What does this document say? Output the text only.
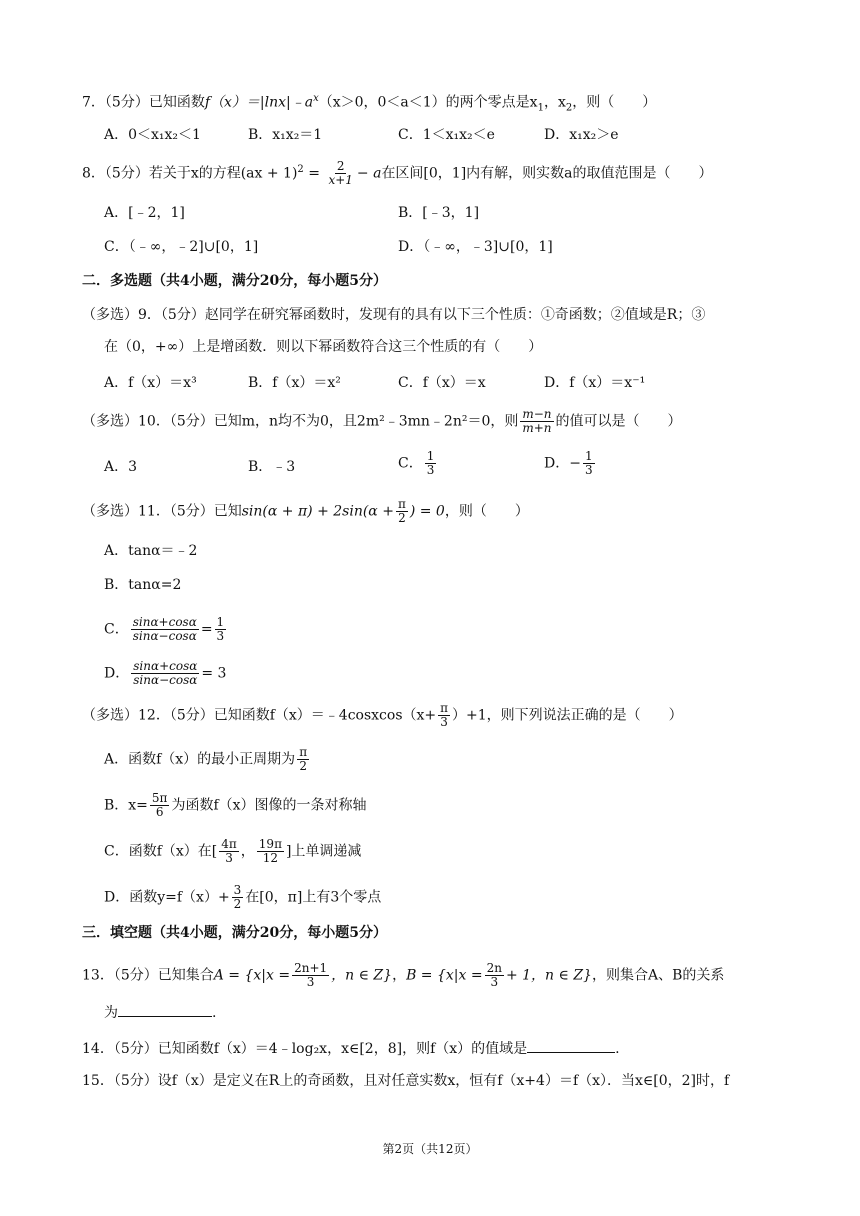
7．（5分）已知函数$f(x)=|\ln x|﹣a^x(x>0$，0＜a＜1）的两个零点是$x_1$，$x_2$，则（　　）
A．0＜x₁x₂＜1	B．x₁x₂＝1	C．1＜x₁x₂＜e	D．x₁x₂＞e
8．（5分）若关于x的方程$(ax + 1)^2 = \frac{2}{x+1} - a$在区间[0，1]内有解，则实数a的取值范围是（　　）
A．[﹣2，1]	B．[﹣3，1]
C．（﹣∞，﹣2]∪[0，1]	D．（﹣∞，﹣3]∪[0，1]
二．多选题（共4小题，满分20分，每小题5分）
（多选）9．（5分）赵同学在研究幂函数时，发现有的具有以下三个性质：①奇函数；②值域是R；③
在（0，+∞）上是增函数．则以下幂函数符合这三个性质的有（　　）
A．f（x）＝x³	B．f（x）＝x²	C．f（x）＝x	D．f（x）＝x⁻¹
（多选）10．（5分）已知m，n均不为0，且2m²﹣3mn﹣2n²＝0，则 $\frac{m-n}{m+n}$ 的值可以是（　　）
A．3	B．﹣3	C． $\frac{1}{3}$	D．− $\frac{1}{3}$
（多选）11．（5分）已知$\sin(\alpha + \pi) + 2\sin(\alpha + \frac{\pi}{2}$ ) = 0，则（　　）
A．tanα＝﹣2
B．tanα=2
C． $\frac{\sin\alpha+\cos\alpha}{\sin\alpha-\cos\alpha} = \frac{1}{3}$
D． $\frac{\sin\alpha+\cos\alpha}{\sin\alpha-\cos\alpha} = 3$
（多选）12．（5分）已知函数f（x）＝﹣4cosxcos（x+ $\frac{\pi}{3} )+1$，则下列说法正确的是（　　）
A．函数f（x）的最小正周期为 $\frac{\pi}{2}$
B．$x= \frac{5\pi}{6}$ 为函数f（x）图像的一条对称轴
C．函数f（x）在[ $\frac{4\pi}{3}$ ， $\frac{19\pi}{12}$ ]上单调递减
D．函数$y=f(x)+ \frac{3}{2}$ 在[0，π]上有3个零点
三．填空题（共4小题，满分20分，每小题5分）
13．（5分）已知集合$A = \{x|x = \frac{2n+1}{3}$ ，n ∈ Z}，$B = \{x|x = \frac{2n}{3} + 1$，n ∈ Z}，则集合A、B的关系
为	.
14．（5分）已知函数f（x）＝4﹣log₂x，x∈[2，8]，则f（x）的值域是	.
15．（5分）设f（x）是定义在R上的奇函数，且对任意实数x，恒有f（x+4）＝f（x）．当x∈[0，2]时，f
第2页（共12页）
